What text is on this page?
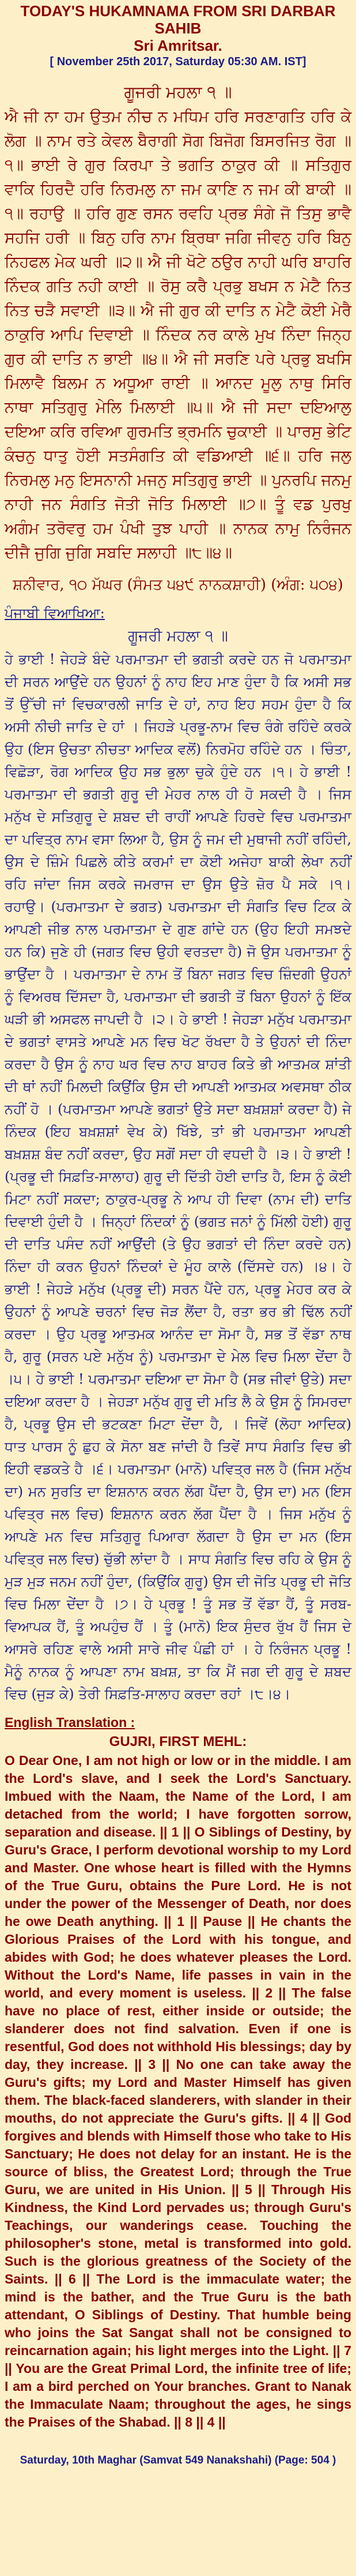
TODAY'S HUKAMNAMA FROM SRI DARBAR SAHIB
Sri Amritsar.
[ November 25th 2017, Saturday 05:30 AM. IST]
ਗੂਜਰੀ ਮਹਲਾ ੧ ॥
ਐ ਜੀ ਨਾ ਹਮ ਉਤਮ ਨੀਚ ਨ ਮਧਿਮ ਹਰਿ ਸਰਣਾਗਤਿ ਹਰਿ ਕੇ ਲੋਗ ॥ ਨਾਮ ਰਤੇ ਕੇਵਲ ਬੈਰਾਗੀ ਸੋਗ ਬਿਜੋਗ ਬਿਸਰਜਿਤ ਰੋਗ ॥੧॥ ਭਾਈ ਰੇ ਗੁਰ ਕਿਰਪਾ ਤੇ ਭਗਤਿ ਠਾਕੁਰ ਕੀ ॥ ਸਤਿਗੁਰ ਵਾਕਿ ਹਿਰਦੈ ਹਰਿ ਨਿਰਮਲੁ ਨਾ ਜਮ ਕਾਣਿ ਨ ਜਮ ਕੀ ਬਾਕੀ ॥੧॥ ਰਹਾਉ ॥ ਹਰਿ ਗੁਣ ਰਸਨ ਰਵਹਿ ਪ੍ਰਭ ਸੰਗੇ ਜੋ ਤਿਸੁ ਭਾਵੈ ਸਹਜਿ ਹਰੀ ॥ ਬਿਨੁ ਹਰਿ ਨਾਮ ਬ੍ਰਿਥਾ ਜਗਿ ਜੀਵਨੁ ਹਰਿ ਬਿਨੁ ਨਿਹਫਲ ਮੇਕ ਘਰੀ ॥੨॥ ਐ ਜੀ ਖੋਟੇ ਠਉਰ ਨਾਹੀ ਘਰਿ ਬਾਹਰਿ ਨਿੰਦਕ ਗਤਿ ਨਹੀ ਕਾਈ ॥ ਰੋਸੁ ਕਰੈ ਪ੍ਰਭੁ ਬਖਸ ਨ ਮੇਟੈ ਨਿਤ ਨਿਤ ਚੜੈ ਸਵਾਈ ॥੩॥ ਐ ਜੀ ਗੁਰ ਕੀ ਦਾਤਿ ਨ ਮੇਟੈ ਕੋਈ ਮੇਰੈ ਠਾਕੁਰਿ ਆਪਿ ਦਿਵਾਈ ॥ ਨਿੰਦਕ ਨਰ ਕਾਲੇ ਮੁਖ ਨਿੰਦਾ ਜਿਨ੍ਹ ਗੁਰ ਕੀ ਦਾਤਿ ਨ ਭਾਈ ॥੪॥ ਐ ਜੀ ਸਰਣਿ ਪਰੇ ਪ੍ਰਭੁ ਬਖਸਿ ਮਿਲਾਵੈ ਬਿਲਮ ਨ ਅਧੂਆ ਰਾਈ ॥ ਆਨਦ ਮੂਲੁ ਨਾਥੁ ਸਿਰਿ ਨਾਥਾ ਸਤਿਗੁਰੁ ਮੇਲਿ ਮਿਲਾਈ ॥੫॥ ਐ ਜੀ ਸਦਾ ਦਇਆਲੁ ਦਇਆ ਕਰਿ ਰਵਿਆ ਗੁਰਮਤਿ ਭ੍ਰਮਨਿ ਚੁਕਾਈ ॥ ਪਾਰਸੁ ਭੇਟਿ ਕੰਚਨੁ ਧਾਤੁ ਹੋਈ ਸਤਸੰਗਤਿ ਕੀ ਵਡਿਆਈ ॥੬॥ ਹਰਿ ਜਲੁ ਨਿਰਮਲੁ ਮਨੁ ਇਸਨਾਨੀ ਮਜਨੁ ਸਤਿਗੁਰੁ ਭਾਈ ॥ ਪੁਨਰਪਿ ਜਨਮੁ ਨਾਹੀ ਜਨ ਸੰਗਤਿ ਜੋਤੀ ਜੋਤਿ ਮਿਲਾਈ ॥੭॥ ਤੂੰ ਵਡ ਪੁਰਖੁ ਅਗੰਮ ਤਰੋਵਰੁ ਹਮ ਪੰਖੀ ਤੁਝ ਪਾਹੀ ॥ ਨਾਨਕ ਨਾਮੁ ਨਿਰੰਜਨ ਦੀਜੈ ਜੁਗਿ ਜੁਗਿ ਸਬਦਿ ਸਲਾਹੀ ॥੮॥੪॥
ਸ਼ਨੀਵਾਰ, ੧੦ ਮੱਘਰ (ਸੰਮਤ ੫੪੯ ਨਾਨਕਸ਼ਾਹੀ) (ਅੰਗ: ੫੦੪)
ਪੰਜਾਬੀ ਵਿਆਖਿਆ:
ਗੂਜਰੀ ਮਹਲਾ ੧ ॥
ਹੇ ਭਾਈ ! ਜੇਹੜੇ ਬੰਦੇ ਪਰਮਾਤਮਾ ਦੀ ਭਗਤੀ ਕਰਦੇ ਹਨ ਜੋ ਪਰਮਾਤਮਾ ਦੀ ਸਰਨ ਆਉਂਦੇ ਹਨ ਉਹਨਾਂ ਨੂੰ ਨਾਹ ਇਹ ਮਾਣ ਹੁੰਦਾ ਹੈ ਕਿ ਅਸੀ ਸਭ ਤੋਂ ਉੱਚੀ ਜਾਂ ਵਿਚਕਾਰਲੀ ਜਾਤਿ ਦੇ ਹਾਂ, ਨਾਹ ਇਹ ਸਹਮ ਹੁੰਦਾ ਹੈ ਕਿ ਅਸੀ ਨੀਚੀ ਜਾਤਿ ਦੇ ਹਾਂ । ਜਿਹੜੇ ਪ੍ਰਭੂ-ਨਾਮ ਵਿਚ ਰੰਗੇ ਰਹਿੰਦੇ ਕਰਕੇ ਉਹ (ਇਸ ਉਚਤਾ ਨੀਚਤਾ ਆਦਿਕ ਵਲੋਂ) ਨਿਰਮੋਹ ਰਹਿੰਦੇ ਹਨ । ਚਿੰਤਾ, ਵਿਛੋੜਾ, ਰੋਗ ਆਦਿਕ ਉਹ ਸਭ ਭੁਲਾ ਚੁਕੇ ਹੁੰਦੇ ਹਨ ।੧। ਹੇ ਭਾਈ ! ਪਰਮਾਤਮਾ ਦੀ ਭਗਤੀ ਗੁਰੂ ਦੀ ਮੇਹਰ ਨਾਲ ਹੀ ਹੋ ਸਕਦੀ ਹੈ । ਜਿਸ ਮਨੁੱਖ ਦੇ ਸਤਿਗੁਰੂ ਦੇ ਸ਼ਬਦ ਦੀ ਰਾਹੀਂ ਆਪਣੇ ਹਿਰਦੇ ਵਿਚ ਪਰਮਾਤਮਾ ਦਾ ਪਵਿਤ੍ਰ ਨਾਮ ਵਸਾ ਲਿਆ ਹੈ, ਉਸ ਨੂੰ ਜਮ ਦੀ ਮੁਥਾਜੀ ਨਹੀਂ ਰਹਿੰਦੀ, ਉਸ ਦੇ ਜ਼ਿੰਮੇ ਪਿਛਲੇ ਕੀਤੇ ਕਰਮਾਂ ਦਾ ਕੋਈ ਅਜੇਹਾ ਬਾਕੀ ਲੇਖਾ ਨਹੀਂ ਰਹਿ ਜਾਂਦਾ ਜਿਸ ਕਰਕੇ ਜਮਰਾਜ ਦਾ ਉਸ ਉਤੇ ਜ਼ੋਰ ਪੈ ਸਕੇ ।੧।ਰਹਾਉ। (ਪਰਮਾਤਮਾ ਦੇ ਭਗਤ) ਪਰਮਾਤਮਾ ਦੀ ਸੰਗਤਿ ਵਿਚ ਟਿਕ ਕੇ ਆਪਣੀ ਜੀਭ ਨਾਲ ਪਰਮਾਤਮਾ ਦੇ ਗੁਣ ਗਾਂਦੇ ਹਨ (ਉਹ ਇਹੀ ਸਮਝਦੇ ਹਨ ਕਿ) ਜੁਣੇ ਹੀ (ਜਗਤ ਵਿਚ ਉਹੀ ਵਰਤਦਾ ਹੈ) ਜੋ ਉਸ ਪਰਮਾਤਮਾ ਨੂੰ ਭਾਉਂਦਾ ਹੈ । ਪਰਮਾਤਮਾ ਦੇ ਨਾਮ ਤੋਂ ਬਿਨਾ ਜਗਤ ਵਿਚ ਜ਼ਿੰਦਗੀ ਉਹਨਾਂ ਨੂੰ ਵਿਅਰਥ ਦਿੱਸਦਾ ਹੈ, ਪਰਮਾਤਮਾ ਦੀ ਭਗਤੀ ਤੋਂ ਬਿਨਾ ਉਹਨਾਂ ਨੂੰ ਇੱਕ ਘੜੀ ਭੀ ਅਸਫਲ ਜਾਪਦੀ ਹੈ ।੨। ਹੇ ਭਾਈ ! ਜੇਹੜਾ ਮਨੁੱਖ ਪਰਮਾਤਮਾ ਦੇ ਭਗਤਾਂ ਵਾਸਤੇ ਆਪਣੇ ਮਨ ਵਿਚ ਖੋਟ ਰੱਖਦਾ ਹੈ ਤੇ ਉਹਨਾਂ ਦੀ ਨਿੰਦਾ ਕਰਦਾ ਹੈ ਉਸ ਨੂੰ ਨਾਹ ਘਰ ਵਿਚ ਨਾਹ ਬਾਹਰ ਕਿਤੇ ਭੀ ਆਤਮਕ ਸ਼ਾਂਤੀ ਦੀ ਥਾਂ ਨਹੀਂ ਮਿਲਦੀ ਕਿਉਂਕਿ ਉਸ ਦੀ ਆਪਣੀ ਆਤਮਕ ਅਵਸਥਾ ਠੀਕ ਨਹੀਂ ਹੋ । (ਪਰਮਾਤਮਾ ਆਪਣੇ ਭਗਤਾਂ ਉਤੇ ਸਦਾ ਬਖ਼ਸ਼ਸ਼ਾਂ ਕਰਦਾ ਹੈ) ਜੇ ਨਿੰਦਕ (ਇਹ ਬਖ਼ਸ਼ਸ਼ਾਂ ਵੇਖ ਕੇ) ਖਿੱਝੇ, ਤਾਂ ਭੀ ਪਰਮਾਤਮਾ ਆਪਣੀ ਬਖ਼ਸ਼ਸ਼ ਬੰਦ ਨਹੀਂ ਕਰਦਾ, ਉਹ ਸਗੋਂ ਸਦਾ ਹੀ ਵਧਦੀ ਹੈ ।੩। ਹੇ ਭਾਈ ! (ਪ੍ਰਭੂ ਦੀ ਸਿਫ਼ਤਿ-ਸਾਲਾਹ) ਗੁਰੂ ਦੀ ਦਿੱਤੀ ਹੋਈ ਦਾਤਿ ਹੈ, ਇਸ ਨੂੰ ਕੋਈ ਮਿਟਾ ਨਹੀਂ ਸਕਦਾ; ਠਾਕੁਰ-ਪ੍ਰਭੂ ਨੇ ਆਪ ਹੀ ਦਿਵਾ (ਨਾਮ ਦੀ) ਦਾਤਿ ਦਿਵਾਈ ਹੁੰਦੀ ਹੈ । ਜਿਨ੍ਹਾਂ ਨਿੰਦਕਾਂ ਨੂੰ (ਭਗਤ ਜਨਾਂ ਨੂੰ ਮਿੱਲੀ ਹੋਈ) ਗੁਰੂ ਦੀ ਦਾਤਿ ਪਸੰਦ ਨਹੀਂ ਆਉਂਦੀ (ਤੇ ਉਹ ਭਗਤਾਂ ਦੀ ਨਿੰਦਾ ਕਰਦੇ ਹਨ) ਨਿੰਦਾ ਹੀ ਕਰਨ ਉਹਨਾਂ ਨਿੰਦਕਾਂ ਦੇ ਮੂੰਹ ਕਾਲੇ (ਦਿੱਸਦੇ ਹਨ) ।੪। ਹੇ ਭਾਈ ! ਜੇਹੜੇ ਮਨੁੱਖ (ਪ੍ਰਭੂ ਦੀ) ਸਰਨ ਪੈਂਦੇ ਹਨ, ਪ੍ਰਭੂ ਮੇਹਰ ਕਰ ਕੇ ਉਹਨਾਂ ਨੂੰ ਆਪਣੇ ਚਰਨਾਂ ਵਿਚ ਜੋੜ ਲੈਂਦਾ ਹੈ, ਰਤਾ ਭਰ ਭੀ ਢਿੱਲ ਨਹੀਂ ਕਰਦਾ । ਉਹ ਪ੍ਰਭੂ ਆਤਮਕ ਆਨੰਦ ਦਾ ਸੋਮਾ ਹੈ, ਸਭ ਤੋਂ ਵੱਡਾ ਨਾਥ ਹੈ, ਗੁਰੂ (ਸਰਨ ਪਏ ਮਨੁੱਖ ਨੂੰ) ਪਰਮਾਤਮਾ ਦੇ ਮੇਲ ਵਿਚ ਮਿਲਾ ਦੇਂਦਾ ਹੈ ।੫। ਹੇ ਭਾਈ ! ਪਰਮਾਤਮਾ ਦਇਆ ਦਾ ਸੋਮਾ ਹੈ (ਸਭ ਜੀਵਾਂ ਉਤੇ) ਸਦਾ ਦਇਆ ਕਰਦਾ ਹੈ । ਜੇਹੜਾ ਮਨੁੱਖ ਗੁਰੂ ਦੀ ਮਤਿ ਲੈ ਕੇ ਉਸ ਨੂੰ ਸਿਮਰਦਾ ਹੈ, ਪ੍ਰਭੂ ਉਸ ਦੀ ਭਟਕਣਾ ਮਿਟਾ ਦੇਂਦਾ ਹੈ, । ਜਿਵੇਂ (ਲੋਹਾ ਆਦਿਕ) ਧਾਤ ਪਾਰਸ ਨੂੰ ਛੁਹ ਕੇ ਸੋਨਾ ਬਣ ਜਾਂਦੀ ਹੈ ਤਿਵੇਂ ਸਾਧ ਸੰਗਤਿ ਵਿਚ ਭੀ ਇਹੀ ਵਡਕਤੇ ਹੈ ।੬। ਪਰਮਾਤਮਾ (ਮਾਨੋ) ਪਵਿਤ੍ਰ ਜਲ ਹੈ (ਜਿਸ ਮਨੁੱਖ ਦਾ) ਮਨ ਸੁਰਤਿ ਦਾ ਇਸ਼ਨਾਨ ਕਰਨ ਲੱਗ ਪੈਂਦਾ ਹੈ, ਉਸ ਦਾ) ਮਨ (ਇਸ ਪਵਿਤ੍ਰ ਜਲ ਵਿਚ) ਇਸ਼ਨਾਨ ਕਰਨ ਲੱਗ ਪੈਂਦਾ ਹੈ । ਜਿਸ ਮਨੁੱਖ ਨੂੰ ਆਪਣੇ ਮਨ ਵਿਚ ਸਤਿਗੁਰੂ ਪਿਆਰਾ ਲੱਗਦਾ ਹੈ ਉਸ ਦਾ ਮਨ (ਇਸ ਪਵਿਤ੍ਰ ਜਲ ਵਿਚ) ਚੁੱਭੀ ਲਾਂਦਾ ਹੈ । ਸਾਧ ਸੰਗਤਿ ਵਿਚ ਰਹਿ ਕੇ ਉਸ ਨੂੰ ਮੁੜ ਮੁੜ ਜਨਮ ਨਹੀਂ ਹੁੰਦਾ, (ਕਿਉਂਕਿ ਗੁਰੂ) ਉਸ ਦੀ ਜੋਤਿ ਪ੍ਰਭੂ ਦੀ ਜੋਤਿ ਵਿਚ ਮਿਲਾ ਦੇਂਦਾ ਹੈ ।੭। ਹੇ ਪ੍ਰਭੂ ! ਤੂੰ ਸਭ ਤੋਂ ਵੱਡਾ ਹੈਂ, ਤੂੰ ਸਰਬ-ਵਿਆਪਕ ਹੈਂ, ਤੂੰ ਅਪਹੁੰਚ ਹੈਂ । ਤੂੰ (ਮਾਨੋ) ਇਕ ਸੁੰਦਰ ਰੁੱਖ ਹੈਂ ਜਿਸ ਦੇ ਆਸਰੇ ਰਹਿਣ ਵਾਲੇ ਅਸੀ ਸਾਰੇ ਜੀਵ ਪੰਛੀ ਹਾਂ । ਹੇ ਨਿਰੰਜਨ ਪ੍ਰਭੂ ! ਮੈਨੂੰ ਨਾਨਕ ਨੂੰ ਆਪਣਾ ਨਾਮ ਬਖ਼ਸ਼, ਤਾ ਕਿ ਮੈਂ ਜਗ ਦੀ ਗੁਰੂ ਦੇ ਸ਼ਬਦ ਵਿਚ (ਜੁੜ ਕੇ) ਤੇਰੀ ਸਿਫ਼ਤਿ-ਸਾਲਾਹ ਕਰਦਾ ਰਹਾਂ ।੮।੪।
English Translation :
GUJRI, FIRST MEHL:
O Dear One, I am not high or low or in the middle. I am the Lord's slave, and I seek the Lord's Sanctuary. Imbued with the Naam, the Name of the Lord, I am detached from the world; I have forgotten sorrow, separation and disease. || 1 || O Siblings of Destiny, by Guru's Grace, I perform devotional worship to my Lord and Master. One whose heart is filled with the Hymns of the True Guru, obtains the Pure Lord. He is not under the power of the Messenger of Death, nor does he owe Death anything. || 1 || Pause || He chants the Glorious Praises of the Lord with his tongue, and abides with God; he does whatever pleases the Lord. Without the Lord's Name, life passes in vain in the world, and every moment is useless. || 2 || The false have no place of rest, either inside or outside; the slanderer does not find salvation. Even if one is resentful, God does not withhold His blessings; day by day, they increase. || 3 || No one can take away the Guru's gifts; my Lord and Master Himself has given them. The black-faced slanderers, with slander in their mouths, do not appreciate the Guru's gifts. || 4 || God forgives and blends with Himself those who take to His Sanctuary; He does not delay for an instant. He is the source of bliss, the Greatest Lord; through the True Guru, we are united in His Union. || 5 || Through His Kindness, the Kind Lord pervades us; through Guru's Teachings, our wanderings cease. Touching the philosopher's stone, metal is transformed into gold. Such is the glorious greatness of the Society of the Saints. || 6 || The Lord is the immaculate water; the mind is the bather, and the True Guru is the bath attendant, O Siblings of Destiny. That humble being who joins the Sat Sangat shall not be consigned to reincarnation again; his light merges into the Light. || 7 || You are the Great Primal Lord, the infinite tree of life; I am a bird perched on Your branches. Grant to Nanak the Immaculate Naam; throughout the ages, he sings the Praises of the Shabad. || 8 || 4 ||
Saturday, 10th Maghar (Samvat 549 Nanakshahi) (Page: 504 )
